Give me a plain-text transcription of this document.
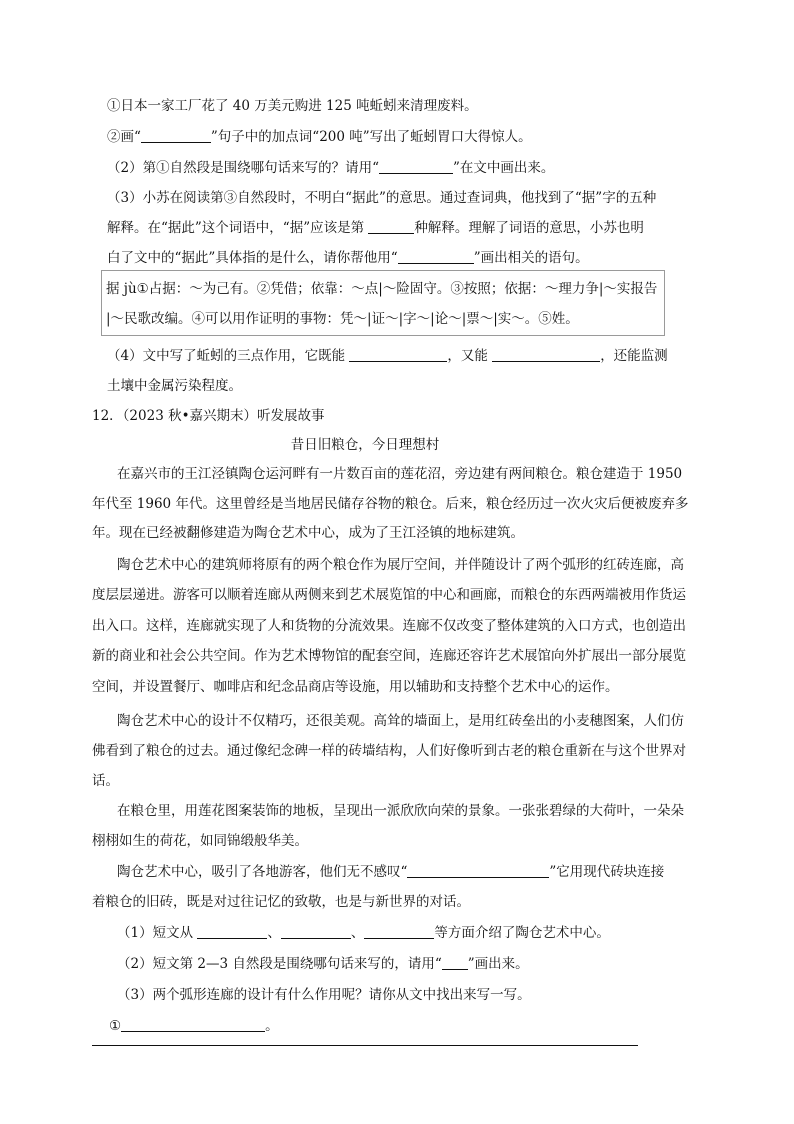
①日本一家工厂花了 40 万美元购进 125 吨蚯蚓来清理废料。
②画“	”句子中的加点词“200 吨”写出了蚯蚓胃口大得惊人。
（2）第①自然段是围绕哪句话来写的？请用“	”在文中画出来。
（3）小苏在阅读第③自然段时，不明白“据此”的意思。通过查词典，他找到了“据”字的五种
解释。在“据此”这个词语中，“据”应该是第	种解释。理解了词语的意思，小苏也明
白了文中的“据此”具体指的是什么，请你帮他用“	”画出相关的语句。
据 jù①占据：～为己有。②凭借；依靠：～点|～险固守。③按照；依据：～理力争|～实报告
|～民歌改编。④可以用作证明的事物：凭～|证～|字～|论～|票～|实～。⑤姓。
（4）文中写了蚯蚓的三点作用，它既能	，又能	，还能监测
土壤中金属污染程度。
12．（2023 秋•嘉兴期末）听发展故事
昔日旧粮仓，今日理想村
在嘉兴市的王江泾镇陶仓运河畔有一片数百亩的莲花沼，旁边建有两间粮仓。粮仓建造于 1950
年代至 1960 年代。这里曾经是当地居民储存谷物的粮仓。后来，粮仓经历过一次火灾后便被废弃多
年。现在已经被翻修建造为陶仓艺术中心，成为了王江泾镇的地标建筑。
陶仓艺术中心的建筑师将原有的两个粮仓作为展厅空间，并伴随设计了两个弧形的红砖连廊，高
度层层递进。游客可以顺着连廊从两侧来到艺术展览馆的中心和画廊，而粮仓的东西两端被用作货运
出入口。这样，连廊就实现了人和货物的分流效果。连廊不仅改变了整体建筑的入口方式，也创造出
新的商业和社会公共空间。作为艺术博物馆的配套空间，连廊还容许艺术展馆向外扩展出一部分展览
空间，并设置餐厅、咖啡店和纪念品商店等设施，用以辅助和支持整个艺术中心的运作。
陶仓艺术中心的设计不仅精巧，还很美观。高耸的墙面上，是用红砖垒出的小麦穗图案，人们仿
佛看到了粮仓的过去。通过像纪念碑一样的砖墙结构，人们好像听到古老的粮仓重新在与这个世界对
话。
在粮仓里，用莲花图案装饰的地板，呈现出一派欣欣向荣的景象。一张张碧绿的大荷叶，一朵朵
栩栩如生的荷花，如同锦缎般华美。
陶仓艺术中心，吸引了各地游客，他们无不感叹“	”它用现代砖块连接
着粮仓的旧砖，既是对过往记忆的致敬，也是与新世界的对话。
（1）短文从	、	、	等方面介绍了陶仓艺术中心。
（2）短文第 2—3 自然段是围绕哪句话来写的，请用“ ”画出来。
（3）两个弧形连廊的设计有什么作用呢？请你从文中找出来写一写。
①	。
